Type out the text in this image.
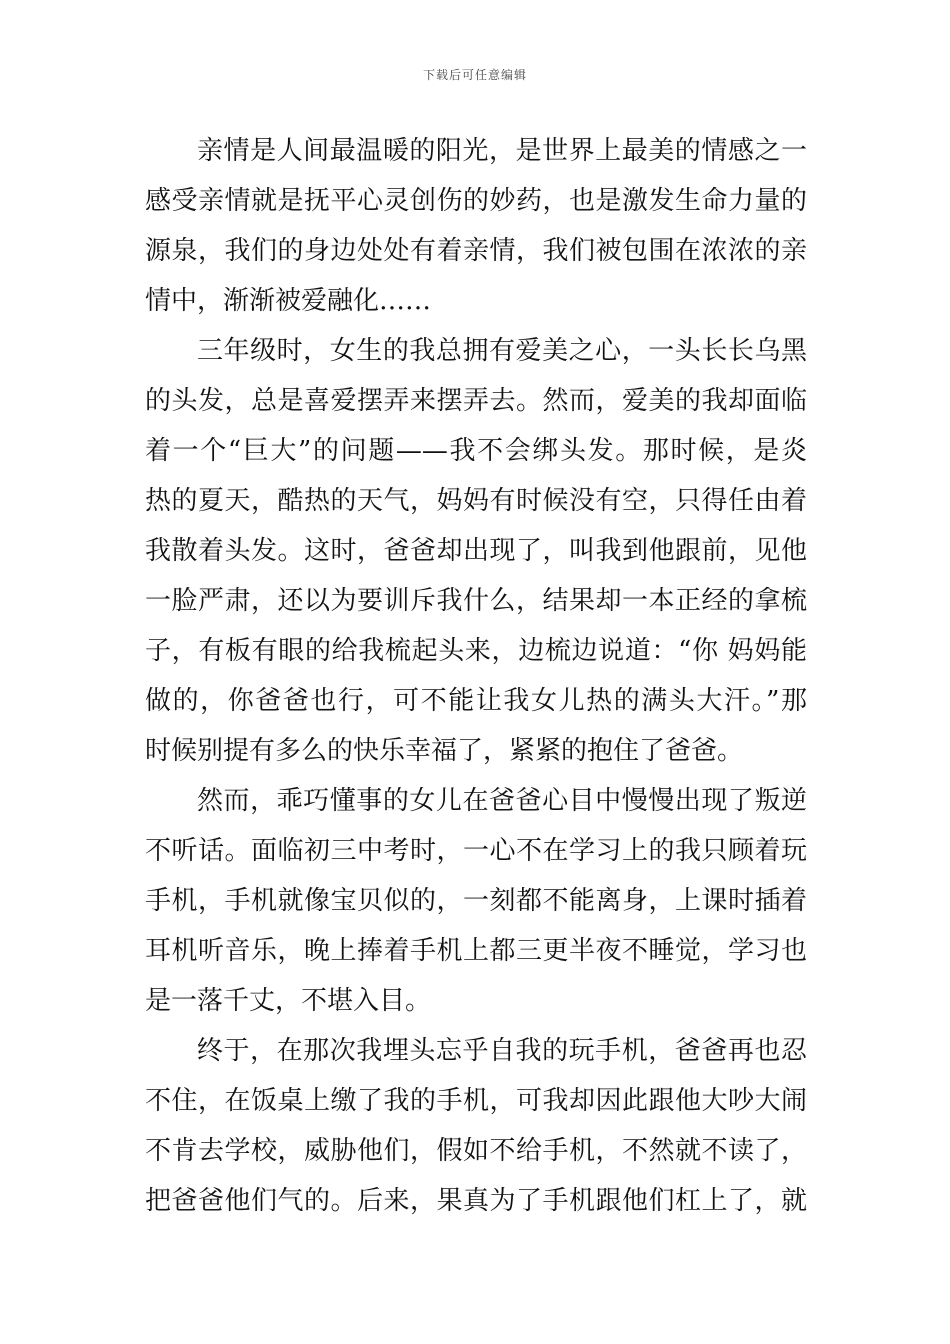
下载后可任意编辑
亲情是人间最温暖的阳光，是世界上最美的情感之一
感受亲情就是抚平心灵创伤的妙药，也是激发生命力量的
源泉，我们的身边处处有着亲情，我们被包围在浓浓的亲
情中，渐渐被爱融化……
三年级时，女生的我总拥有爱美之心，一头长长乌黑
的头发，总是喜爱摆弄来摆弄去。然而，爱美的我却面临
着一个“巨大”的问题——我不会绑头发。那时候，是炎
热的夏天，酷热的天气，妈妈有时候没有空，只得任由着
我散着头发。这时，爸爸却出现了，叫我到他跟前，见他
一脸严肃，还以为要训斥我什么，结果却一本正经的拿梳
子，有板有眼的给我梳起头来，边梳边说道：“你 妈妈能
做的，你爸爸也行，可不能让我女儿热的满头大汗。”那
时候别提有多么的快乐幸福了，紧紧的抱住了爸爸。
然而，乖巧懂事的女儿在爸爸心目中慢慢出现了叛逆
不听话。面临初三中考时，一心不在学习上的我只顾着玩
手机，手机就像宝贝似的，一刻都不能离身，上课时插着
耳机听音乐，晚上捧着手机上都三更半夜不睡觉，学习也
是一落千丈，不堪入目。
终于，在那次我埋头忘乎自我的玩手机，爸爸再也忍
不住，在饭桌上缴了我的手机，可我却因此跟他大吵大闹
不肯去学校，威胁他们，假如不给手机，不然就不读了，
把爸爸他们气的。后来，果真为了手机跟他们杠上了，就
